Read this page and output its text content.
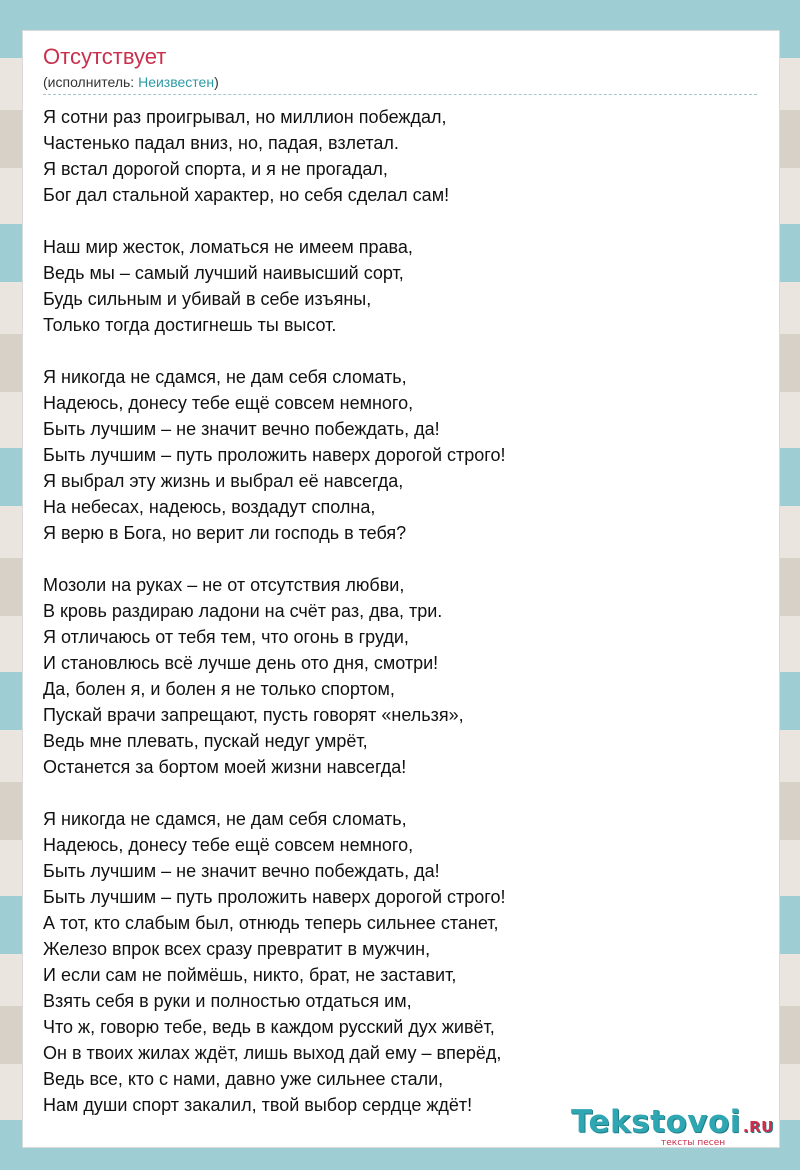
Отсутствует
(исполнитель: Неизвестен)
Я сотни раз проигрывал, но миллион побеждал,
Частенько падал вниз, но, падая, взлетал.
Я встал дорогой спорта, и я не прогадал,
Бог дал стальной характер, но себя сделал сам!
Наш мир жесток, ломаться не имеем права,
Ведь мы – самый лучший наивысший сорт,
Будь сильным и убивай в себе изъяны,
Только тогда достигнешь ты высот.
Я никогда не сдамся, не дам себя сломать,
Надеюсь, донесу тебе ещё совсем немного,
Быть лучшим – не значит вечно побеждать, да!
Быть лучшим – путь проложить наверх дорогой строго!
Я выбрал эту жизнь и выбрал её навсегда,
На небесах, надеюсь, воздадут сполна,
Я верю в Бога, но верит ли господь в тебя?
Мозоли на руках – не от отсутствия любви,
В кровь раздираю ладони на счёт раз, два, три.
Я отличаюсь от тебя тем, что огонь в груди,
И становлюсь всё лучше день ото дня, смотри!
Да, болен я, и болен я не только спортом,
Пускай врачи запрещают, пусть говорят «нельзя»,
Ведь мне плевать, пускай недуг умрёт,
Останется за бортом моей жизни навсегда!
Я никогда не сдамся, не дам себя сломать,
Надеюсь, донесу тебе ещё совсем немного,
Быть лучшим – не значит вечно побеждать, да!
Быть лучшим – путь проложить наверх дорогой строго!
А тот, кто слабым был, отнюдь теперь сильнее станет,
Железо впрок всех сразу превратит в мужчин,
И если сам не поймёшь, никто, брат, не заставит,
Взять себя в руки и полностью отдаться им,
Что ж, говорю тебе, ведь в каждом русский дух живёт,
Он в твоих жилах ждёт, лишь выход дай ему – вперёд,
Ведь все, кто с нами, давно уже сильнее стали,
Нам души спорт закалил, твой выбор сердце ждёт!	Tekstovoi .RU
тексты песен
